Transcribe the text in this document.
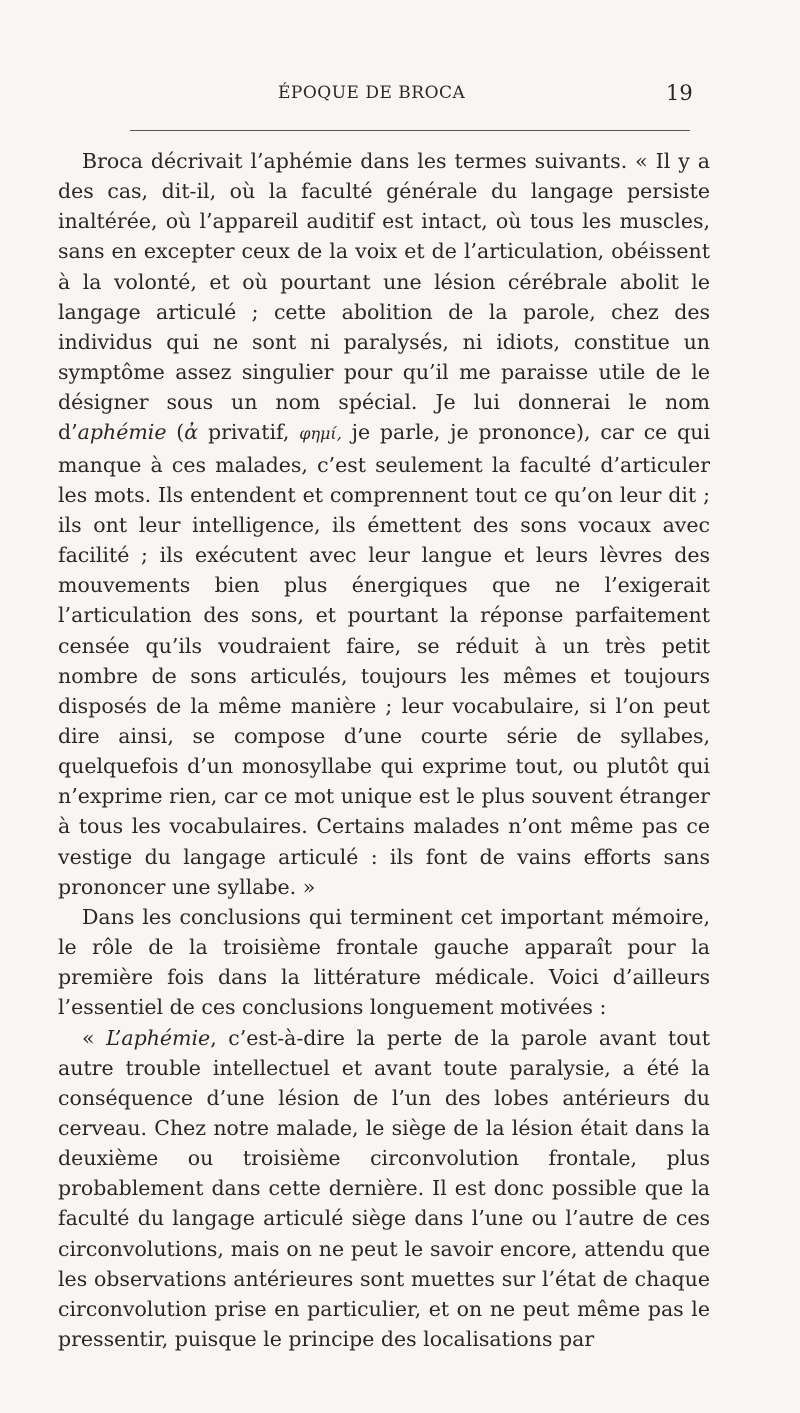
ÉPOQUE DE BROCA	19

Broca décrivait l’aphémie dans les termes suivants. « Il y a des cas, dit-il, où la faculté générale du langage persiste inaltérée, où l’appareil auditif est intact, où tous les muscles, sans en excepter ceux de la voix et de l’articulation, obéissent à la volonté, et où pourtant une lésion cérébrale abolit le langage articulé ; cette abolition de la parole, chez des individus qui ne sont ni paralysés, ni idiots, constitue un symptôme assez singulier pour qu’il me paraisse utile de le désigner sous un nom spécial. Je lui donnerai le nom d’aphémie (ἀ privatif, φημί, je parle, je prononce), car ce qui manque à ces malades, c’est seulement la faculté d’articuler les mots. Ils entendent et comprennent tout ce qu’on leur dit ; ils ont leur intelligence, ils émettent des sons vocaux avec facilité ; ils exécutent avec leur langue et leurs lèvres des mouvements bien plus énergiques que ne l’exigerait l’articulation des sons, et pourtant la réponse parfaitement censée qu’ils voudraient faire, se réduit à un très petit nombre de sons articulés, toujours les mêmes et toujours disposés de la même manière ; leur vocabulaire, si l’on peut dire ainsi, se compose d’une courte série de syllabes, quelquefois d’un monosyllabe qui exprime tout, ou plutôt qui n’exprime rien, car ce mot unique est le plus souvent étranger à tous les vocabulaires. Certains malades n’ont même pas ce vestige du langage articulé : ils font de vains efforts sans prononcer une syllabe. »

Dans les conclusions qui terminent cet important mémoire, le rôle de la troisième frontale gauche apparaît pour la première fois dans la littérature médicale. Voici d’ailleurs l’essentiel de ces conclusions longuement motivées :

« L’aphémie, c’est-à-dire la perte de la parole avant tout autre trouble intellectuel et avant toute paralysie, a été la conséquence d’une lésion de l’un des lobes antérieurs du cerveau. Chez notre malade, le siège de la lésion était dans la deuxième ou troisième circonvolution frontale, plus probablement dans cette dernière. Il est donc possible que la faculté du langage articulé siège dans l’une ou l’autre de ces circonvolutions, mais on ne peut le savoir encore, attendu que les observations antérieures sont muettes sur l’état de chaque circonvolution prise en particulier, et on ne peut même pas le pressentir, puisque le principe des localisations par
